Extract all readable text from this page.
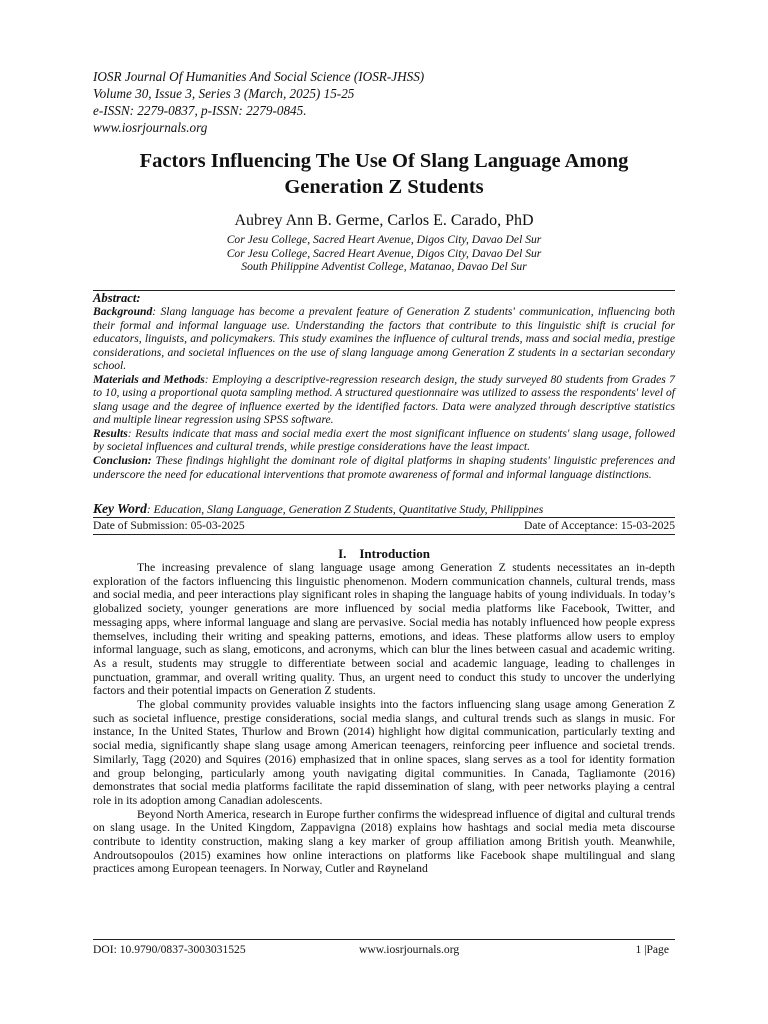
IOSR Journal Of Humanities And Social Science (IOSR-JHSS)
Volume 30, Issue 3, Series 3 (March, 2025) 15-25
e-ISSN: 2279-0837, p-ISSN: 2279-0845.
www.iosrjournals.org
Factors Influencing The Use Of Slang Language Among
Generation Z Students
Aubrey Ann B. Germe, Carlos E. Carado, PhD
Cor Jesu College, Sacred Heart Avenue, Digos City, Davao Del Sur
Cor Jesu College, Sacred Heart Avenue, Digos City, Davao Del Sur
South Philippine Adventist College, Matanao, Davao Del Sur
Abstract:

Background: Slang language has become a prevalent feature of Generation Z students' communication, influencing both their formal and informal language use. Understanding the factors that contribute to this linguistic shift is crucial for educators, linguists, and policymakers. This study examines the influence of cultural trends, mass and social media, prestige considerations, and societal influences on the use of slang language among Generation Z students in a sectarian secondary school.

Materials and Methods: Employing a descriptive-regression research design, the study surveyed 80 students from Grades 7 to 10, using a proportional quota sampling method. A structured questionnaire was utilized to assess the respondents' level of slang usage and the degree of influence exerted by the identified factors. Data were analyzed through descriptive statistics and multiple linear regression using SPSS software.

Results: Results indicate that mass and social media exert the most significant influence on students' slang usage, followed by societal influences and cultural trends, while prestige considerations have the least impact.

Conclusion: These findings highlight the dominant role of digital platforms in shaping students' linguistic preferences and underscore the need for educational interventions that promote awareness of formal and informal language distinctions.

Key Word: Education, Slang Language, Generation Z Students, Quantitative Study, Philippines
Date of Submission: 05-03-2025	Date of Acceptance: 15-03-2025
I.    Introduction

The increasing prevalence of slang language usage among Generation Z students necessitates an in-depth exploration of the factors influencing this linguistic phenomenon. Modern communication channels, cultural trends, mass and social media, and peer interactions play significant roles in shaping the language habits of young individuals. In today’s globalized society, younger generations are more influenced by social media platforms like Facebook, Twitter, and messaging apps, where informal language and slang are pervasive. Social media has notably influenced how people express themselves, including their writing and speaking patterns, emotions, and ideas. These platforms allow users to employ informal language, such as slang, emoticons, and acronyms, which can blur the lines between casual and academic writing. As a result, students may struggle to differentiate between social and academic language, leading to challenges in punctuation, grammar, and overall writing quality. Thus, an urgent need to conduct this study to uncover the underlying factors and their potential impacts on Generation Z students.

The global community provides valuable insights into the factors influencing slang usage among Generation Z such as societal influence, prestige considerations, social media slangs, and cultural trends such as slangs in music. For instance, In the United States, Thurlow and Brown (2014) highlight how digital communication, particularly texting and social media, significantly shape slang usage among American teenagers, reinforcing peer influence and societal trends. Similarly, Tagg (2020) and Squires (2016) emphasized that in online spaces, slang serves as a tool for identity formation and group belonging, particularly among youth navigating digital communities. In Canada, Tagliamonte (2016) demonstrates that social media platforms facilitate the rapid dissemination of slang, with peer networks playing a central role in its adoption among Canadian adolescents.

Beyond North America, research in Europe further confirms the widespread influence of digital and cultural trends on slang usage. In the United Kingdom, Zappavigna (2018) explains how hashtags and social media meta discourse contribute to identity construction, making slang a key marker of group affiliation among British youth. Meanwhile, Androutsopoulos (2015) examines how online interactions on platforms like Facebook shape multilingual and slang practices among European teenagers. In Norway, Cutler and Røyneland

DOI: 10.9790/0837-3003031525	www.iosrjournals.org	1 |Page
